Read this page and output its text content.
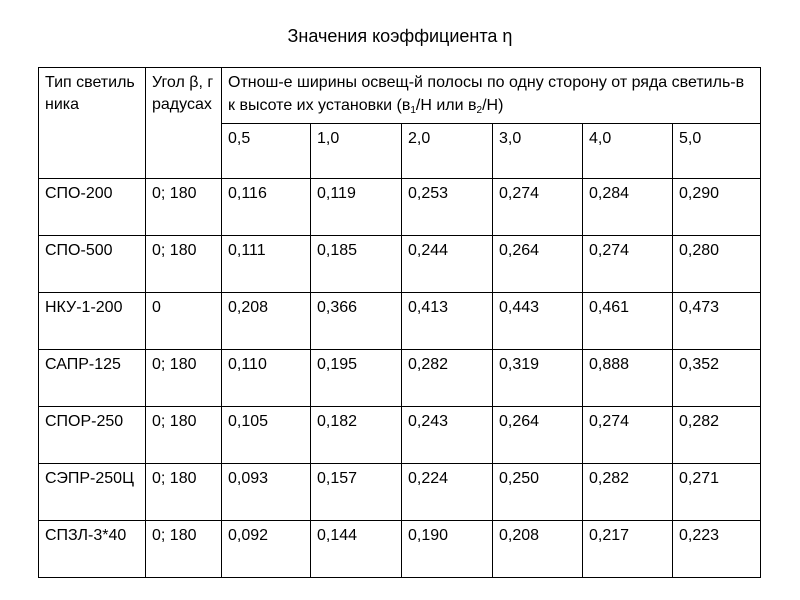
Значения коэффициента η
Тип светильника	Угол β, градусах	Отнош-е ширины освещ-й полосы по одну сторону от ряда светиль-в к высоте их установки ($в_1/Н$ или $в_2/Н$)					
		0,5	1,0	2,0	3,0	4,0	5,0
СПО-200	0; 180	0,116	0,119	0,253	0,274	0,284	0,290
СПО-500	0; 180	0,111	0,185	0,244	0,264	0,274	0,280
НКУ-1-200	0	0,208	0,366	0,413	0,443	0,461	0,473
САПР-125	0; 180	0,110	0,195	0,282	0,319	0,888	0,352
СПОР-250	0; 180	0,105	0,182	0,243	0,264	0,274	0,282
СЭПР-250Ц	0; 180	0,093	0,157	0,224	0,250	0,282	0,271
СПЗЛ-3*40	0; 180	0,092	0,144	0,190	0,208	0,217	0,223
